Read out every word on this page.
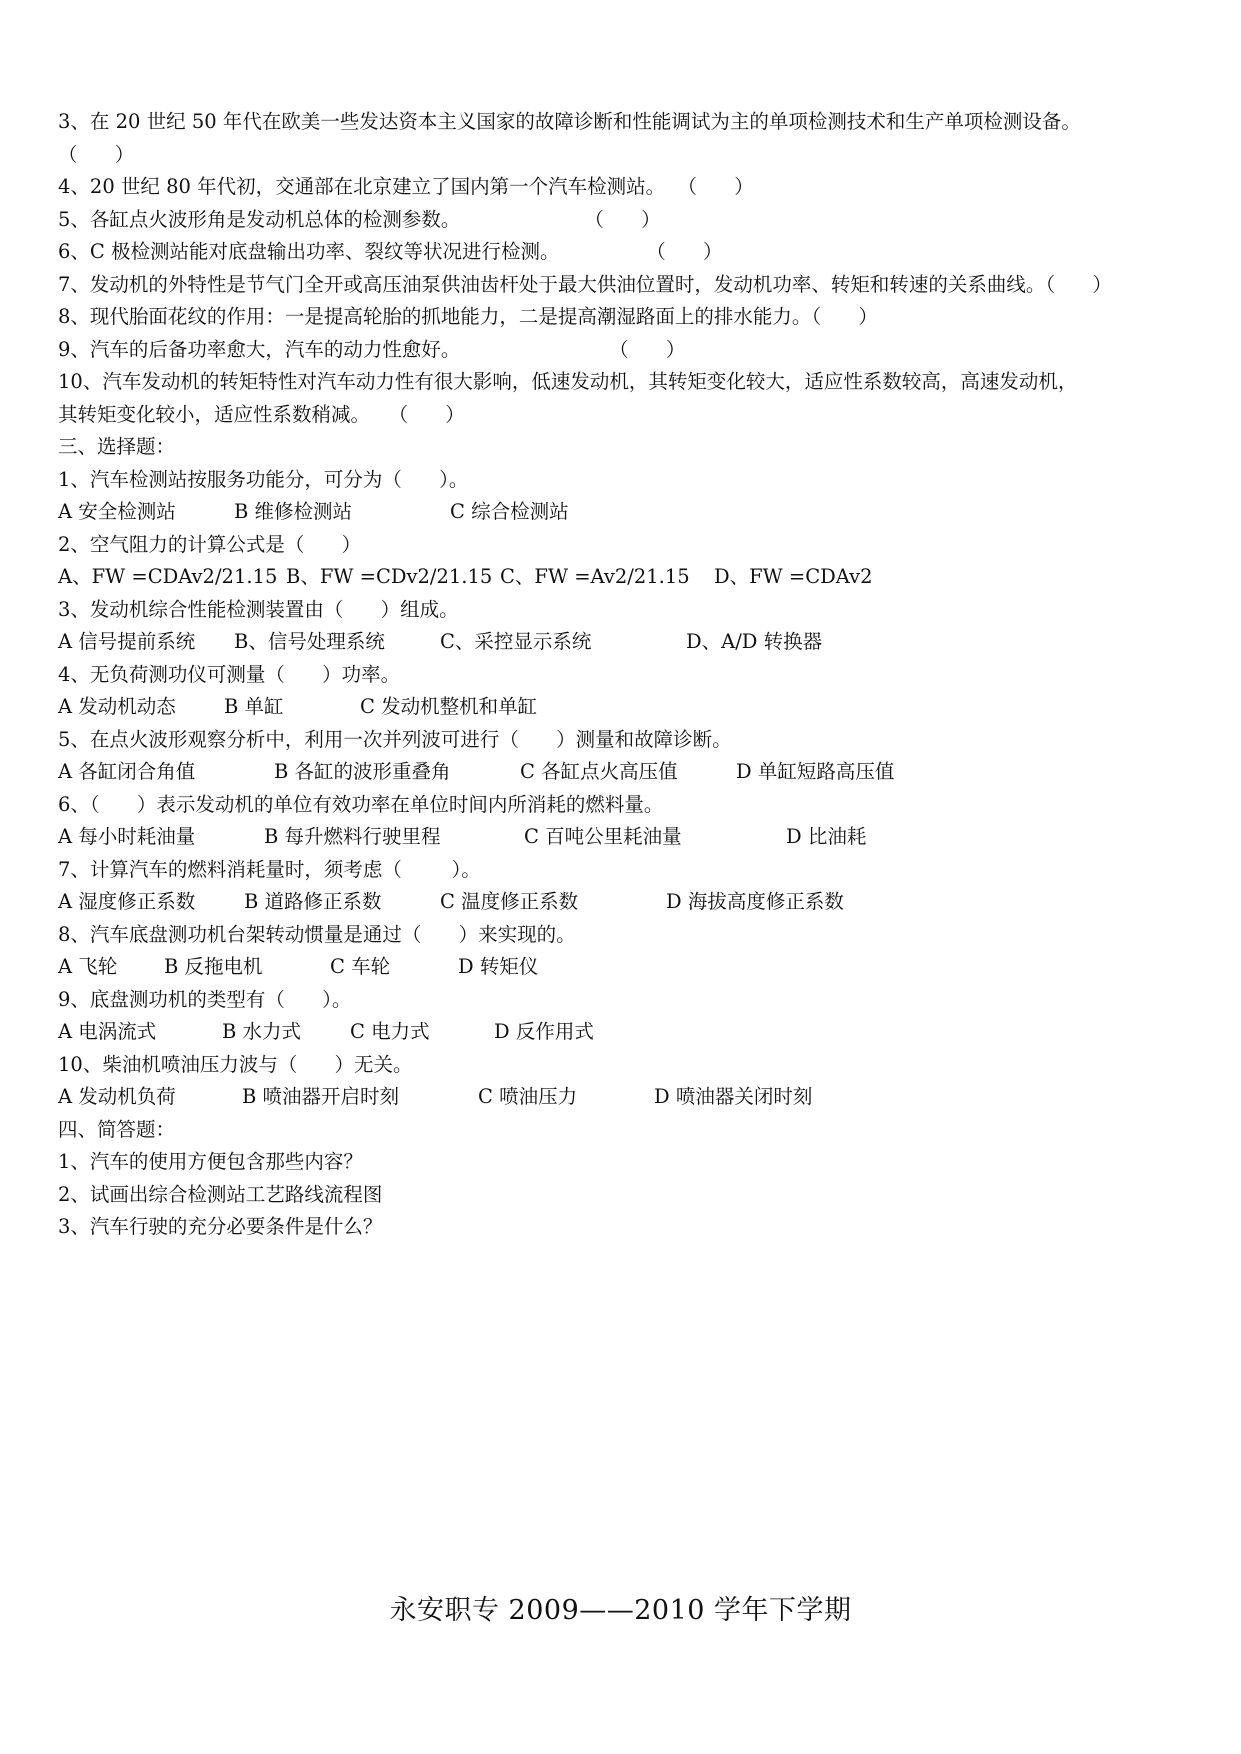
3、在 20 世纪 50 年代在欧美一些发达资本主义国家的故障诊断和性能调试为主的单项检测技术和生产单项检测设备。
（      ）
4、20 世纪 80 年代初，交通部在北京建立了国内第一个汽车检测站。  （      ）
5、各缸点火波形角是发动机总体的检测参数。                    （      ）
6、C 极检测站能对底盘输出功率、裂纹等状况进行检测。              （      ）
7、发动机的外特性是节气门全开或高压油泵供油齿杆处于最大供油位置时，发动机功率、转矩和转速的关系曲线。（      ）
8、现代胎面花纹的作用：一是提高轮胎的抓地能力，二是提高潮湿路面上的排水能力。（      ）
9、汽车的后备功率愈大，汽车的动力性愈好。                        （      ）
10、汽车发动机的转矩特性对汽车动力性有很大影响，低速发动机，其转矩变化较大，适应性系数较高，高速发动机，
其转矩变化较小，适应性系数稍减。   （      ）
三、选择题：
1、汽车检测站按服务功能分，可分为（      ）。
A 安全检测站	B 维修检测站	C 综合检测站
2、空气阻力的计算公式是（      ）
A、FW =CDAv2/21.15 B、FW =CDv2/21.15 C、FW =Av2/21.15 D、FW =CDAv2
3、发动机综合性能检测装置由（      ）组成。
A 信号提前系统 B、信号处理系统	C、采控显示系统	D、A/D 转换器
4、无负荷测功仪可测量（      ）功率。
A 发动机动态 B 单缸	C 发动机整机和单缸
5、在点火波形观察分析中，利用一次并列波可进行（      ）测量和故障诊断。
A 各缸闭合角值	B 各缸的波形重叠角	C 各缸点火高压值	D 单缸短路高压值
6、（      ）表示发动机的单位有效功率在单位时间内所消耗的燃料量。
A 每小时耗油量	B 每升燃料行驶里程	C 百吨公里耗油量	D 比油耗
7、计算汽车的燃料消耗量时，须考虑（        ）。
A 湿度修正系数 B 道路修正系数	C 温度修正系数	D 海拔高度修正系数
8、汽车底盘测功机台架转动惯量是通过（      ）来实现的。
A 飞轮 B 反拖电机	C 车轮	D 转矩仪
9、底盘测功机的类型有（      ）。
A 电涡流式	B 水力式	C 电力式	D 反作用式
10、柴油机喷油压力波与（      ）无关。
A 发动机负荷	B 喷油器开启时刻	C 喷油压力	D 喷油器关闭时刻
四、简答题：
1、汽车的使用方便包含那些内容？
2、试画出综合检测站工艺路线流程图
3、汽车行驶的充分必要条件是什么？
永安职专 2009——2010 学年下学期
